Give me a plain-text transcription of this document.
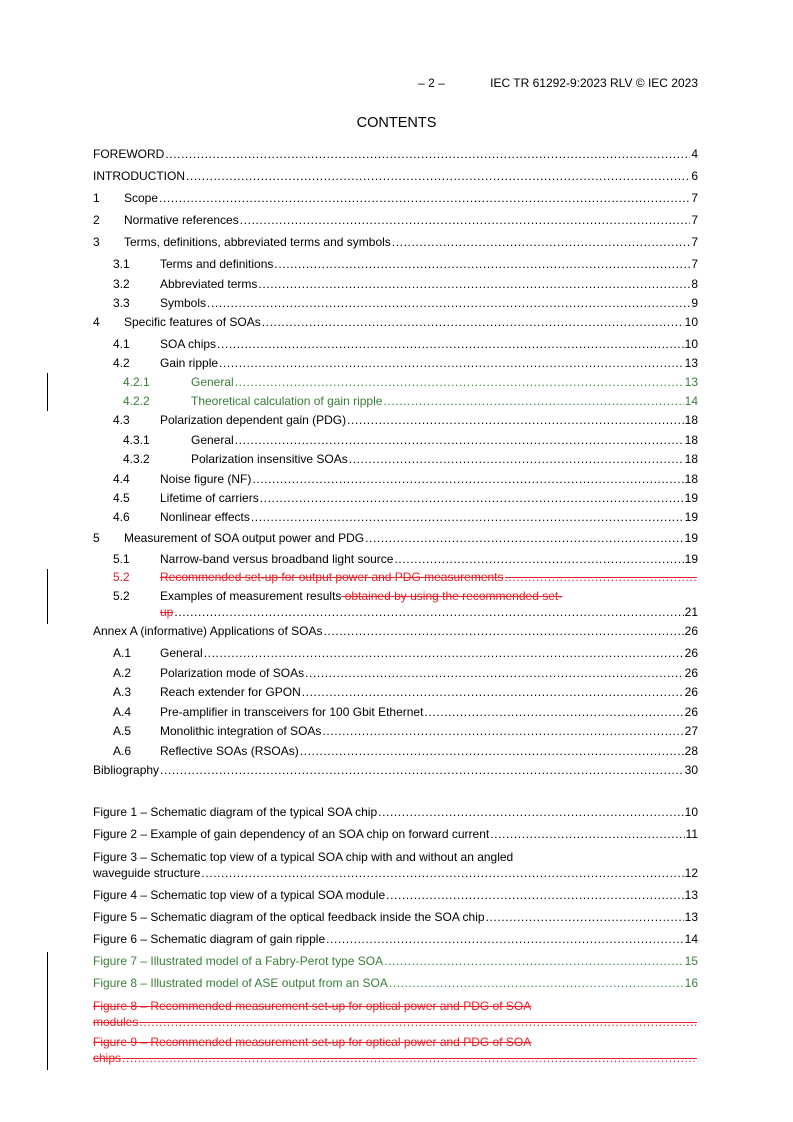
– 2 –	IEC TR 61292-9:2023 RLV © IEC 2023
CONTENTS
FOREWORD .....	4
INTRODUCTION .....	6
1 Scope .....	7
2 Normative references .....	7
3 Terms, definitions, abbreviated terms and symbols .....	7
3.1	Terms and definitions .....	7
3.2	Abbreviated terms .....	8
3.3	Symbols .....	9
4 Specific features of SOAs .....	10
4.1	SOA chips .....	10
4.2	Gain ripple .....	13
4.2.1	General .....	13
4.2.2	Theoretical calculation of gain ripple .....	14
4.3	Polarization dependent gain (PDG) .....	18
4.3.1	General .....	18
4.3.2	Polarization insensitive SOAs .....	18
4.4	Noise figure (NF) .....	18
4.5	Lifetime of carriers .....	19
4.6	Nonlinear effects .....	19
5 Measurement of SOA output power and PDG .....	19
5.1	Narrow-band versus broadband light source .....	19
5.2	Recommended set-up for output power and PDG measurements
.....
5.2	Examples of measurement results obtained by using the recommended set-
up .....	21
Annex A (informative) Applications of SOAs .....	26
A.1 General .....	26
A.2 Polarization mode of SOAs .....	26
A.3 Reach extender for GPON .....	26
A.4 Pre-amplifier in transceivers for 100 Gbit Ethernet .....	26
A.5 Monolithic integration of SOAs .....	27
A.6 Reflective SOAs (RSOAs) .....	28
Bibliography .....	30
Figure 1 – Schematic diagram of the typical SOA chip .....	10
Figure 2 – Example of gain dependency of an SOA chip on forward current .....	11
Figure 3 – Schematic top view of a typical SOA chip with and without an angled
waveguide structure .....	12
Figure 4 – Schematic top view of a typical SOA module .....	13
Figure 5 – Schematic diagram of the optical feedback inside the SOA chip .....	13
Figure 6 – Schematic diagram of gain ripple .....	14
Figure 7 – Illustrated model of a Fabry-Perot type SOA .....	15
Figure 8 – Illustrated model of ASE output from an SOA .....	16
Figure 8 – Recommended measurement set-up for optical power and PDG of SOA
modules
.....
Figure 9 – Recommended measurement set-up for optical power and PDG of SOA
chips
.....
